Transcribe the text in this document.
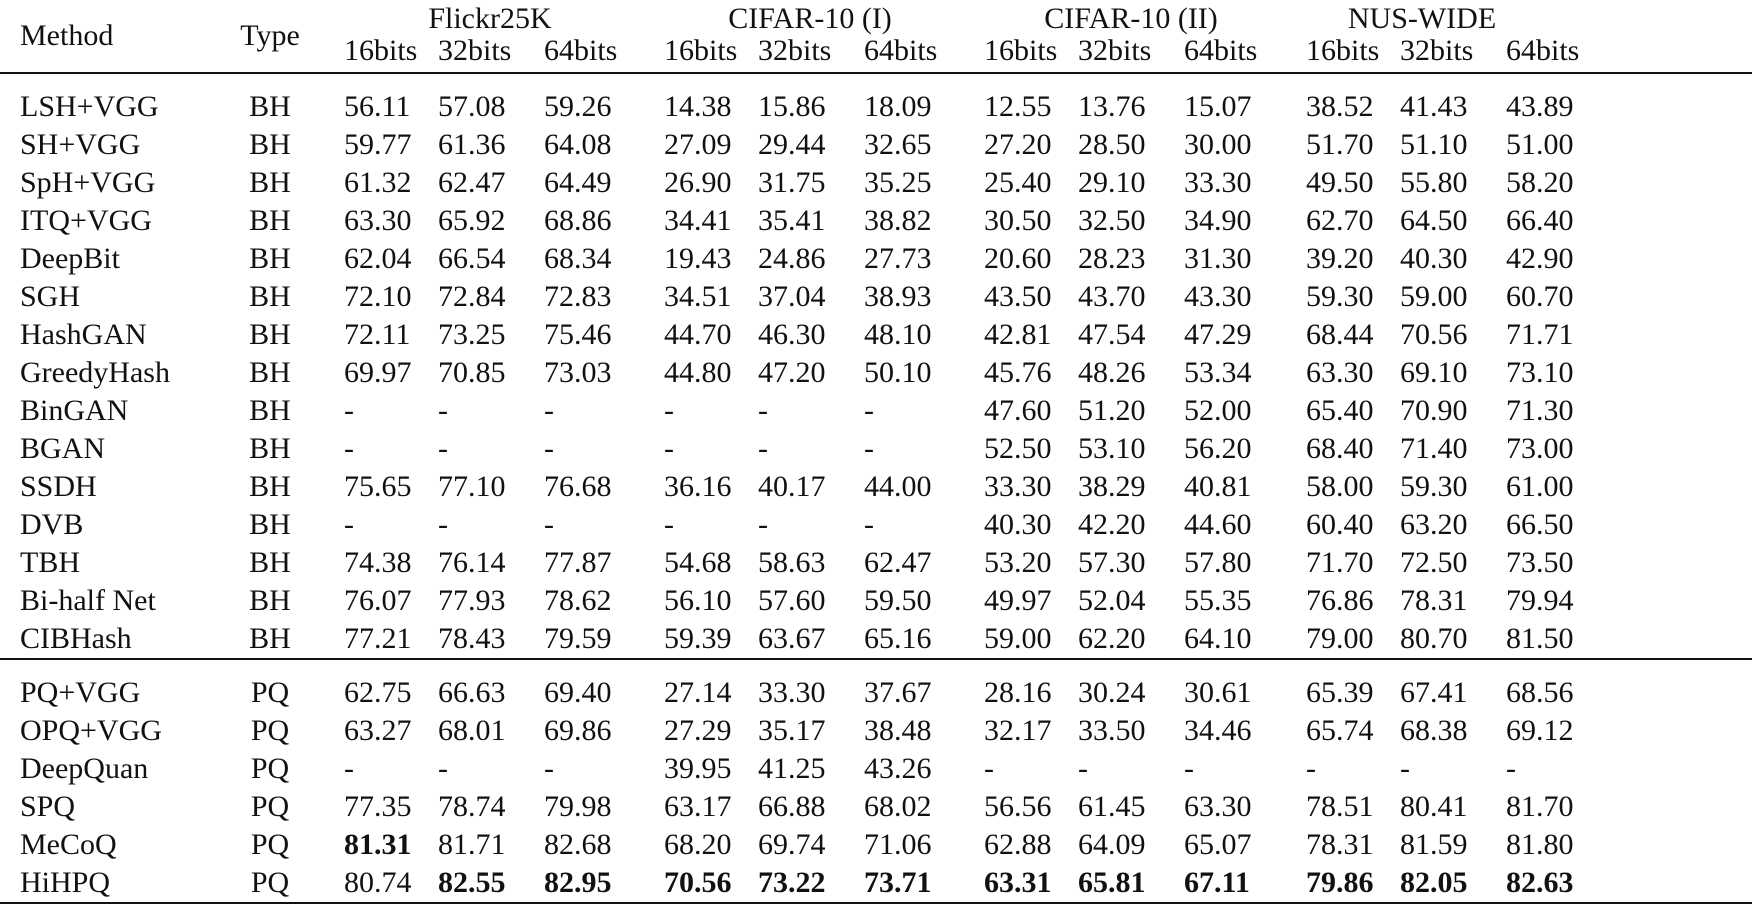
Method	Type	Flickr25K			CIFAR-10 (I)			CIFAR-10 (II)			NUS-WIDE			
		16bits	32bits	64bits	16bits	32bits	64bits	16bits	32bits	64bits	16bits	32bits	64bits	
LSH+VGG	BH	56.11	57.08	59.26	14.38	15.86	18.09	12.55	13.76	15.07	38.52	41.43	43.89	
SH+VGG	BH	59.77	61.36	64.08	27.09	29.44	32.65	27.20	28.50	30.00	51.70	51.10	51.00	
SpH+VGG	BH	61.32	62.47	64.49	26.90	31.75	35.25	25.40	29.10	33.30	49.50	55.80	58.20	
ITQ+VGG	BH	63.30	65.92	68.86	34.41	35.41	38.82	30.50	32.50	34.90	62.70	64.50	66.40	
DeepBit	BH	62.04	66.54	68.34	19.43	24.86	27.73	20.60	28.23	31.30	39.20	40.30	42.90	
SGH	BH	72.10	72.84	72.83	34.51	37.04	38.93	43.50	43.70	43.30	59.30	59.00	60.70	
HashGAN	BH	72.11	73.25	75.46	44.70	46.30	48.10	42.81	47.54	47.29	68.44	70.56	71.71	
GreedyHash	BH	69.97	70.85	73.03	44.80	47.20	50.10	45.76	48.26	53.34	63.30	69.10	73.10	
BinGAN	BH	-	-	-	-	-	-	47.60	51.20	52.00	65.40	70.90	71.30	
BGAN	BH	-	-	-	-	-	-	52.50	53.10	56.20	68.40	71.40	73.00	
SSDH	BH	75.65	77.10	76.68	36.16	40.17	44.00	33.30	38.29	40.81	58.00	59.30	61.00	
DVB	BH	-	-	-	-	-	-	40.30	42.20	44.60	60.40	63.20	66.50	
TBH	BH	74.38	76.14	77.87	54.68	58.63	62.47	53.20	57.30	57.80	71.70	72.50	73.50	
Bi-half Net	BH	76.07	77.93	78.62	56.10	57.60	59.50	49.97	52.04	55.35	76.86	78.31	79.94	
CIBHash	BH	77.21	78.43	79.59	59.39	63.67	65.16	59.00	62.20	64.10	79.00	80.70	81.50	
PQ+VGG	PQ	62.75	66.63	69.40	27.14	33.30	37.67	28.16	30.24	30.61	65.39	67.41	68.56	
OPQ+VGG	PQ	63.27	68.01	69.86	27.29	35.17	38.48	32.17	33.50	34.46	65.74	68.38	69.12	
DeepQuan	PQ	-	-	-	39.95	41.25	43.26	-	-	-	-	-	-	
SPQ	PQ	77.35	78.74	79.98	63.17	66.88	68.02	56.56	61.45	63.30	78.51	80.41	81.70	
MeCoQ	PQ	81.31	81.71	82.68	68.20	69.74	71.06	62.88	64.09	65.07	78.31	81.59	81.80	
HiHPQ	PQ	80.74	82.55	82.95	70.56	73.22	73.71	63.31	65.81	67.11	79.86	82.05	82.63	
